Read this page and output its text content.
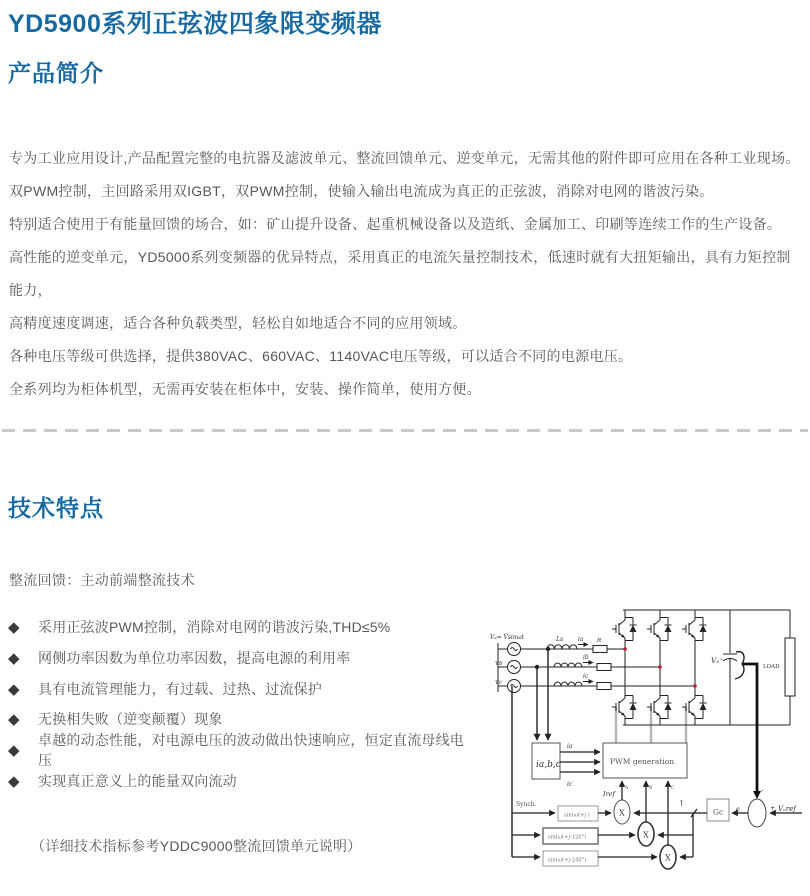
YD5900系列正弦波四象限变频器
产品简介

专为工业应用设计,产品配置完整的电抗器及滤波单元、整流回馈单元、逆变单元，无需其他的附件即可应用在各种工业现场。

双PWM控制，主回路采用双IGBT，双PWM控制，使输入输出电流成为真正的正弦波，消除对电网的谐波污染。

特别适合使用于有能量回馈的场合，如：矿山提升设备、起重机械设备以及造纸、金属加工、印刷等连续工作的生产设备。

高性能的逆变单元，YD5000系列变频器的优异特点，采用真正的电流矢量控制技术，低速时就有大扭矩输出，具有力矩控制能力，

高精度速度调速，适合各种负载类型，轻松自如地适合不同的应用领域。

各种电压等级可供选择，提供380VAC、660VAC、1140VAC电压等级，可以适合不同的电源电压。

全系列均为柜体机型，无需再安装在柜体中，安装、操作简单，使用方便。

技术特点
整流回馈：主动前端整流技术
◆	采用正弦波PWM控制，消除对电网的谐波污染,THD≤5%
◆	网侧功率因数为单位功率因数，提高电源的利用率
◆	具有电流管理能力，有过载、过热、过流保护
◆	无换相失败（逆变颠覆）现象
◆
卓越的动态性能，对电源电压的波动做出快速响应，恒定直流母线电压
◆	实现真正意义上的能量双向流动
（详细技术指标参考YDDC9000整流回馈单元说明）
Vₐ= V̂sinωt
Vb
Vc
Ls ia
ib
ic
R
Vₒ⁺
LOAD
ia,b,c
ia
ic
PWM generation
Iref
A	B	C
Synch.
sin(ωt+j )
sin(ωt+j-120°)
sin(ωt+j-240°)
X
X
X
Gc e
↑	+
-
Vₒref
